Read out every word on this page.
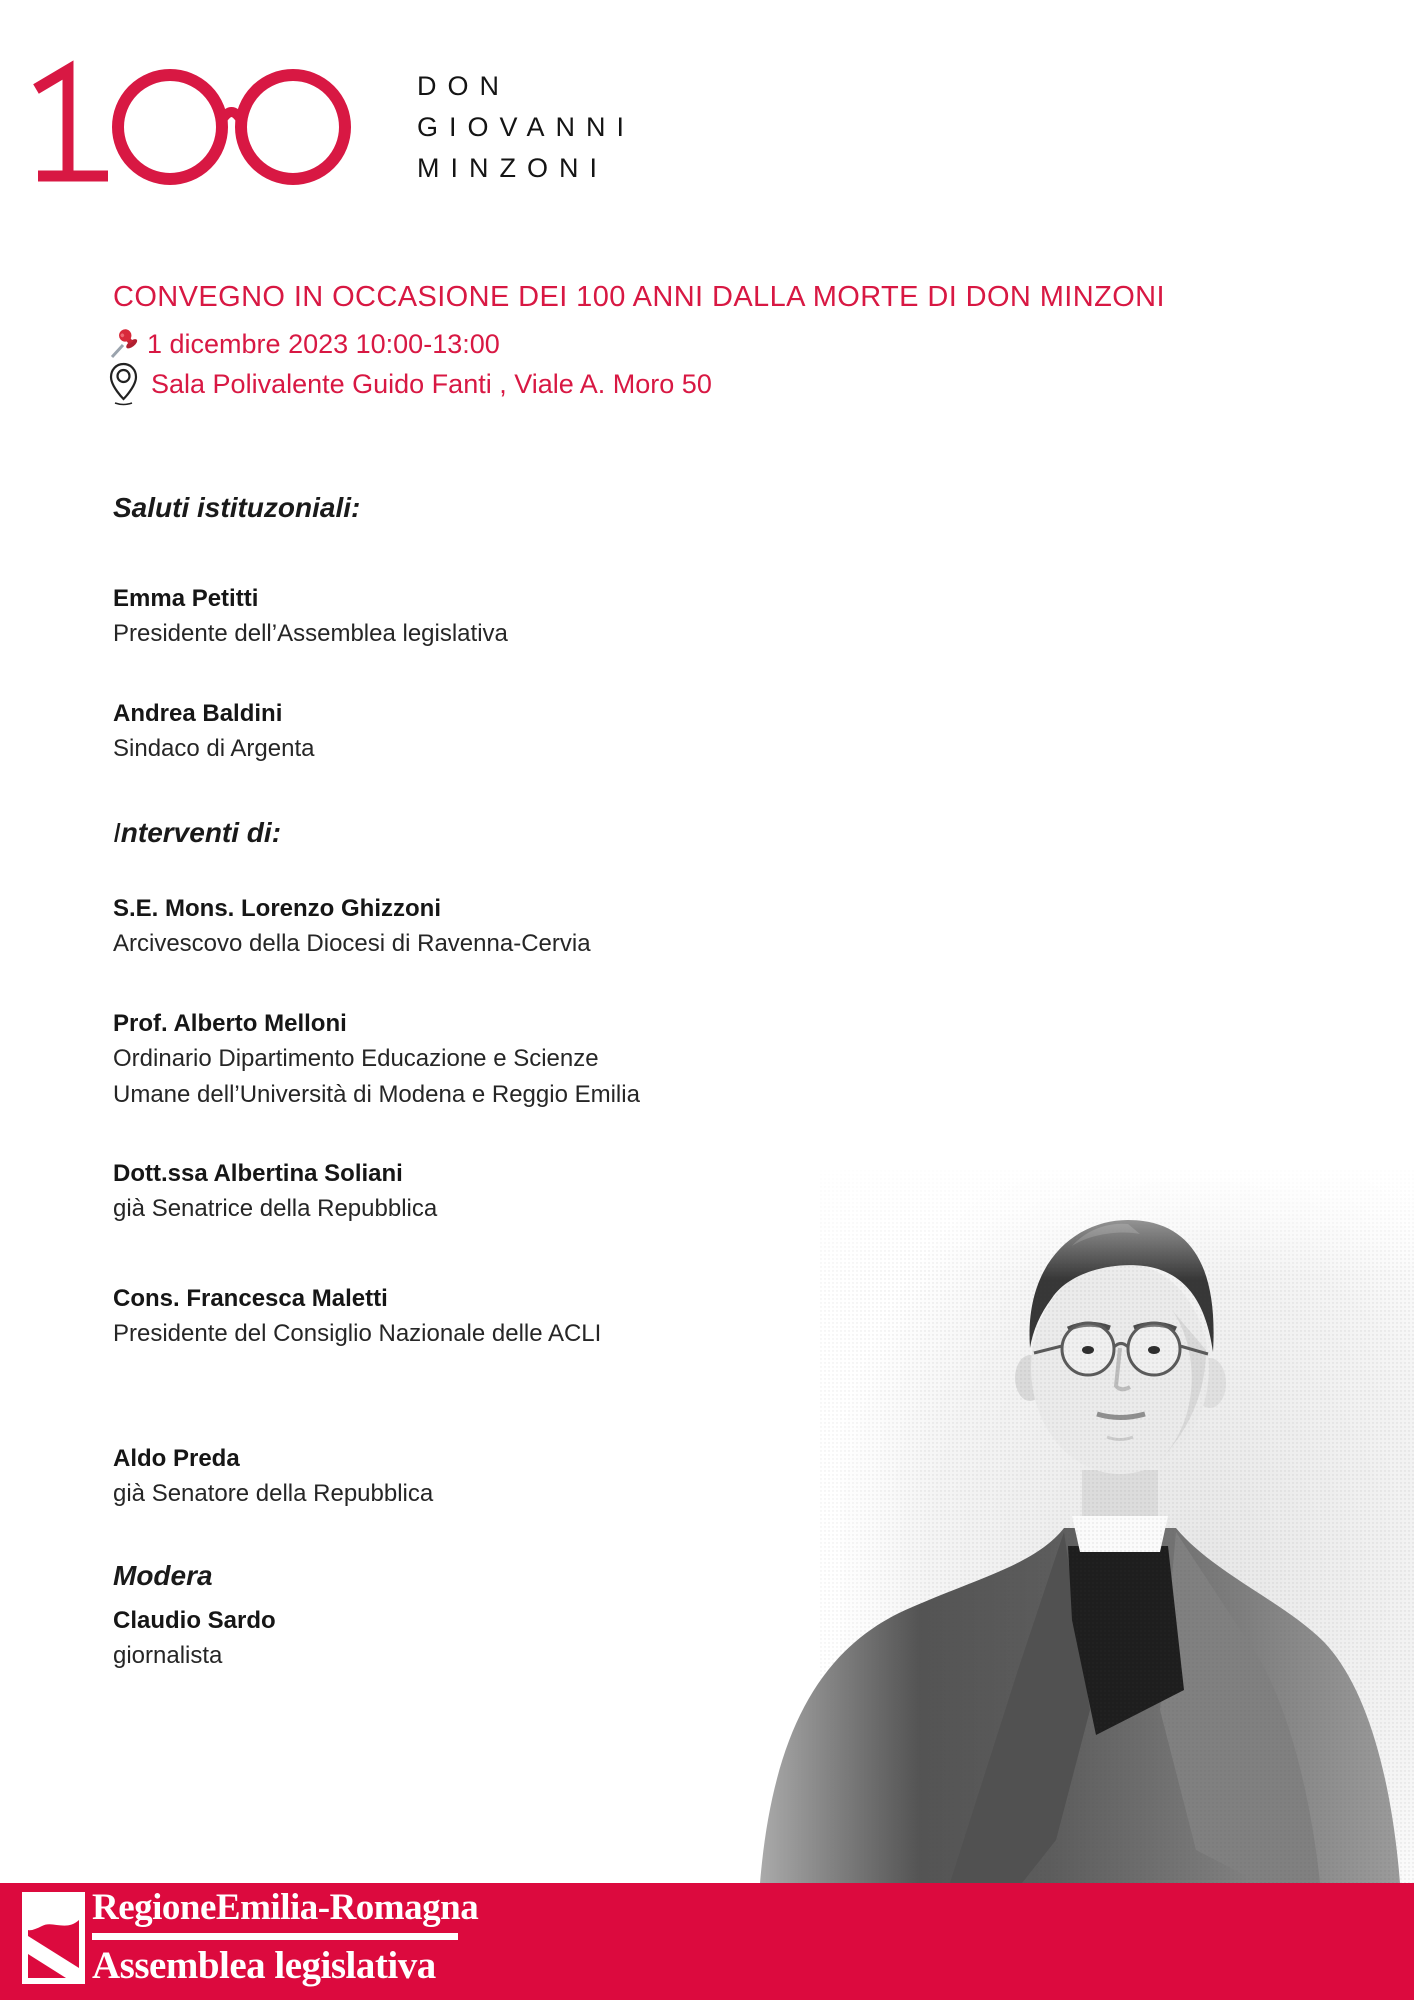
DON
GIOVANNI
MINZONI
CONVEGNO IN OCCASIONE DEI 100 ANNI DALLA MORTE DI DON MINZONI
1 dicembre 2023 10:00-13:00
Sala Polivalente Guido Fanti , Viale A. Moro 50
Saluti istituzoniali:
Emma Petitti
Presidente dell’Assemblea legislativa
Andrea Baldini
Sindaco di Argenta
Interventi di:
S.E. Mons. Lorenzo Ghizzoni
Arcivescovo della Diocesi di Ravenna-Cervia
Prof. Alberto Melloni
Ordinario Dipartimento Educazione e Scienze Umane dell’Università di Modena e Reggio Emilia
Dott.ssa Albertina Soliani
già Senatrice della Repubblica
Cons. Francesca Maletti
Presidente del Consiglio Nazionale delle ACLI
Aldo Preda
già Senatore della Repubblica
Modera
Claudio Sardo
giornalista
RegioneEmilia-Romagna
Assemblea legislativa
